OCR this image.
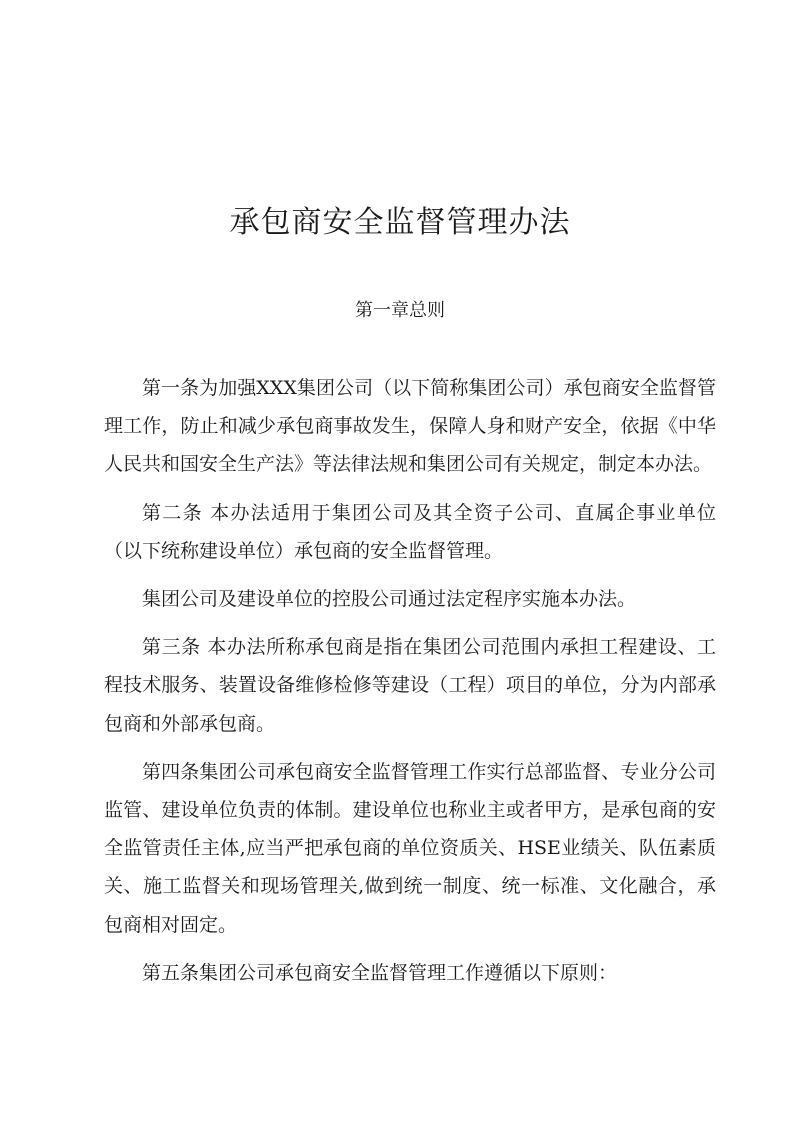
承包商安全监督管理办法
第一章总则

第一条为加强XXX集团公司（以下简称集团公司）承包商安全监督管理工作，防止和减少承包商事故发生，保障人身和财产安全，依据《中华人民共和国安全生产法》等法律法规和集团公司有关规定，制定本办法。

第二条 本办法适用于集团公司及其全资子公司、直属企事业单位（以下统称建设单位）承包商的安全监督管理。

集团公司及建设单位的控股公司通过法定程序实施本办法。

第三条 本办法所称承包商是指在集团公司范围内承担工程建设、工程技术服务、装置设备维修检修等建设（工程）项目的单位，分为内部承包商和外部承包商。

第四条集团公司承包商安全监督管理工作实行总部监督、专业分公司监管、建设单位负责的体制。建设单位也称业主或者甲方，是承包商的安全监管责任主体,应当严把承包商的单位资质关、HSE业绩关、队伍素质关、施工监督关和现场管理关,做到统一制度、统一标准、文化融合，承包商相对固定。

第五条集团公司承包商安全监督管理工作遵循以下原则：
